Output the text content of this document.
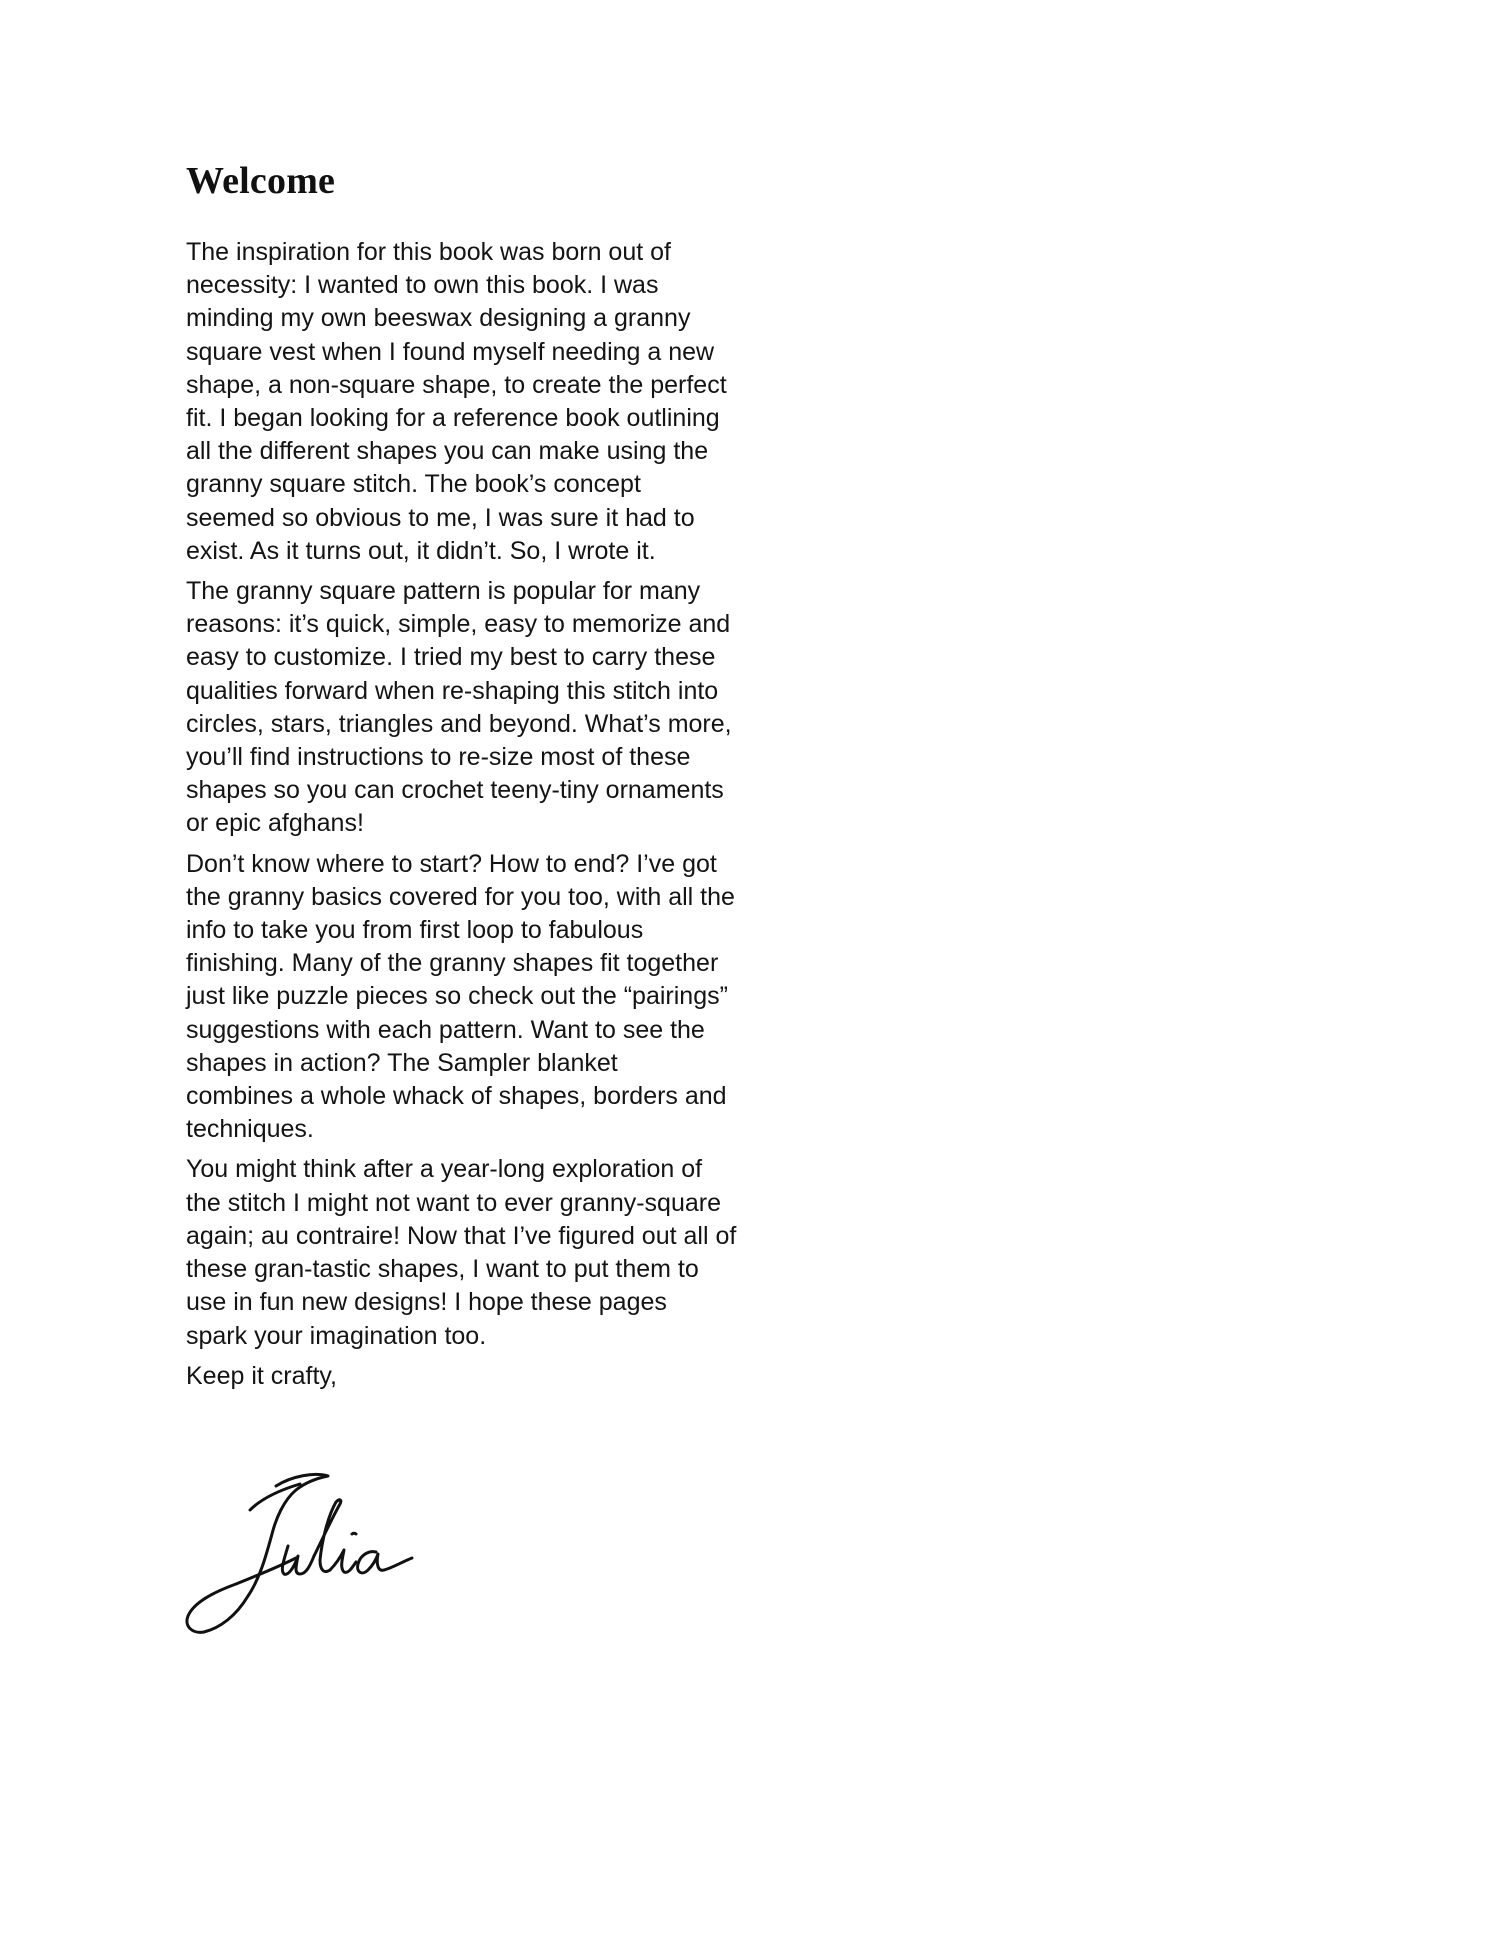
Welcome

The inspiration for this book was born out of
necessity: I wanted to own this book. I was
minding my own beeswax designing a granny
square vest when I found myself needing a new
shape, a non-square shape, to create the perfect
fit. I began looking for a reference book outlining
all the different shapes you can make using the
granny square stitch. The book’s concept
seemed so obvious to me, I was sure it had to
exist. As it turns out, it didn’t. So, I wrote it.

The granny square pattern is popular for many
reasons: it’s quick, simple, easy to memorize and
easy to customize. I tried my best to carry these
qualities forward when re-shaping this stitch into
circles, stars, triangles and beyond. What’s more,
you’ll find instructions to re-size most of these
shapes so you can crochet teeny-tiny ornaments
or epic afghans!

Don’t know where to start? How to end? I’ve got
the granny basics covered for you too, with all the
info to take you from first loop to fabulous
finishing. Many of the granny shapes fit together
just like puzzle pieces so check out the “pairings”
suggestions with each pattern. Want to see the
shapes in action? The Sampler blanket
combines a whole whack of shapes, borders and
techniques.

You might think after a year-long exploration of
the stitch I might not want to ever granny-square
again; au contraire! Now that I’ve figured out all of
these gran-tastic shapes, I want to put them to
use in fun new designs! I hope these pages
spark your imagination too.

Keep it crafty,
